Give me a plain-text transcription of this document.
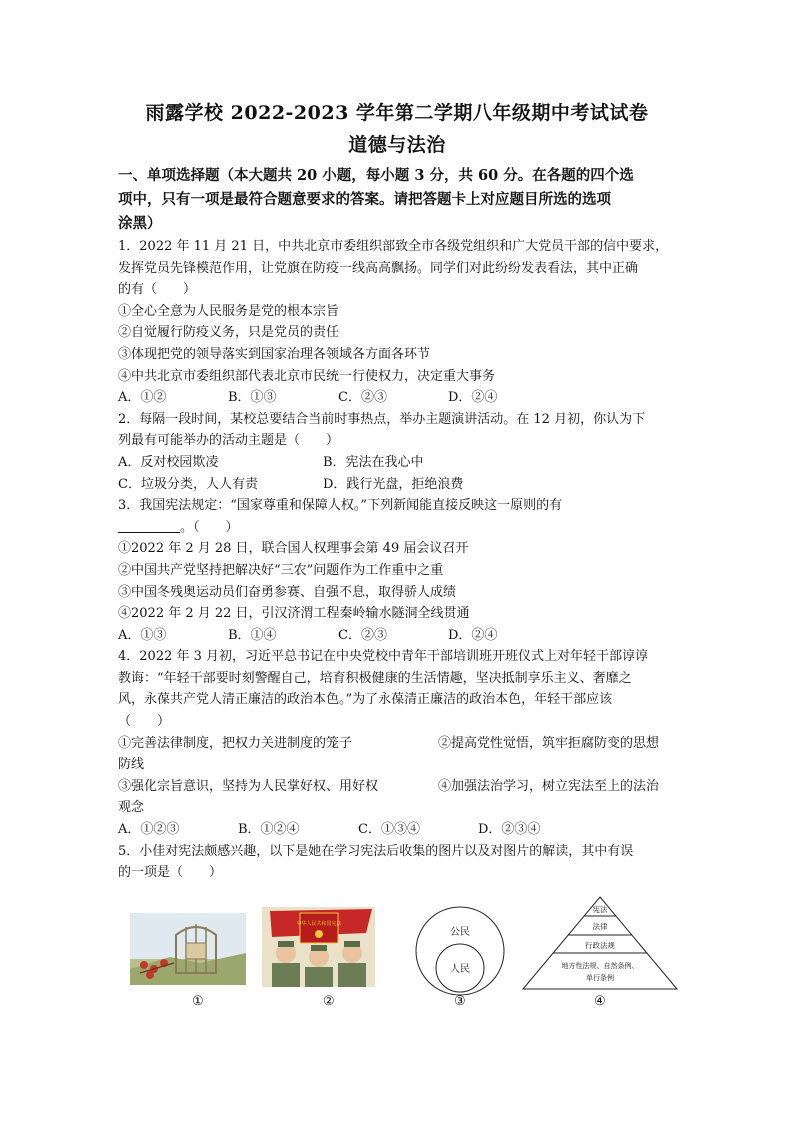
雨露学校 2022-2023 学年第二学期八年级期中考试试卷
道德与法治
一、单项选择题（本大题共 20 小题，每小题 3 分，共 60 分。在各题的四个选
项中，只有一项是最符合题意要求的答案。请把答题卡上对应题目所选的选项
涂黑）

1．2022 年 11 月 21 日，中共北京市委组织部致全市各级党组织和广大党员干部的信中要求，

发挥党员先锋模范作用，让党旗在防疫一线高高飘扬。同学们对此纷纷发表看法，其中正确

的有（　　）

①全心全意为人民服务是党的根本宗旨

②自觉履行防疫义务，只是党员的责任

③体现把党的领导落实到国家治理各领域各方面各环节

④中共北京市委组织部代表北京市民统一行使权力，决定重大事务

A．①②	B．①③	C．②③	D．②④

2．每隔一段时间，某校总要结合当前时事热点，举办主题演讲活动。在 12 月初，你认为下

列最有可能举办的活动主题是（　　）

A．反对校园欺凌	B．宪法在我心中
C．垃圾分类，人人有责	D．践行光盘，拒绝浪费

3．我国宪法规定：“国家尊重和保障人权。”下列新闻能直接反映这一原则的有

。（　　）

①2022 年 2 月 28 日，联合国人权理事会第 49 届会议召开

②中国共产党坚持把解决好“三农”问题作为工作重中之重

③中国冬残奥运动员们奋勇参赛、自强不息，取得骄人成绩

④2022 年 2 月 22 日，引汉济渭工程秦岭输水隧洞全线贯通

A．①③	B．①④	C．②③	D．②④

4．2022 年 3 月初，习近平总书记在中央党校中青年干部培训班开班仪式上对年轻干部谆谆

教诲：“年轻干部要时刻警醒自己，培育积极健康的生活情趣，坚决抵制享乐主义、奢靡之

风，永葆共产党人清正廉洁的政治本色。”为了永葆清正廉洁的政治本色，年轻干部应该

（　　）

①完善法律制度，把权力关进制度的笼子	②提高党性觉悟，筑牢拒腐防变的思想

防线

③强化宗旨意识，坚持为人民掌好权、用好权	④加强法治学习，树立宪法至上的法治

观念

A．①②③	B．①②④	C．①③④	D．②③④

5．小佳对宪法颇感兴趣，以下是她在学习宪法后收集的图片以及对图片的解读，其中有误

的一项是（　　）

中华人民共和国宪法
公民
人民
宪法
法律
行政法规
地方性法规、自然条例、
单行条例
①	②	③	④
